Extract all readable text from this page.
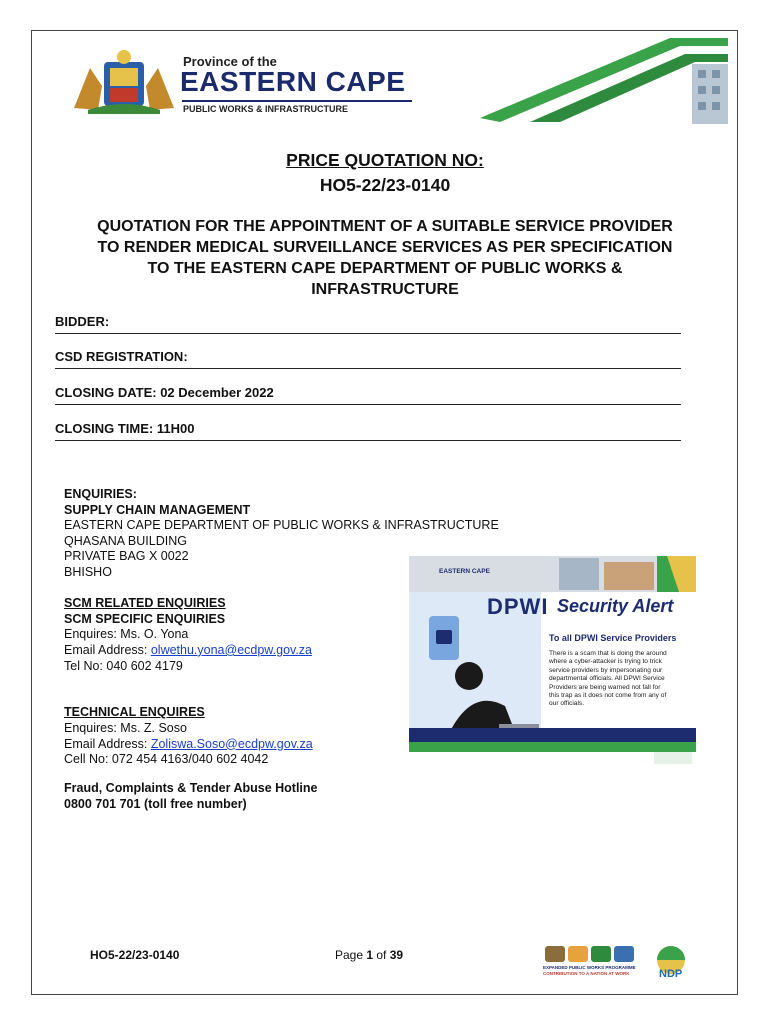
Province of the
EASTERN CAPE
PUBLIC WORKS & INFRASTRUCTURE
PRICE QUOTATION NO:
HO5-22/23-0140
QUOTATION FOR THE APPOINTMENT OF A SUITABLE SERVICE PROVIDER TO RENDER MEDICAL SURVEILLANCE SERVICES AS PER SPECIFICATION TO THE EASTERN CAPE DEPARTMENT OF PUBLIC WORKS & INFRASTRUCTURE
BIDDER:
CSD REGISTRATION:
CLOSING DATE: 02 December 2022
CLOSING TIME: 11H00
ENQUIRIES:
SUPPLY CHAIN MANAGEMENT
EASTERN CAPE DEPARTMENT OF PUBLIC WORKS & INFRASTRUCTURE
QHASANA BUILDING
PRIVATE BAG X 0022
BHISHO
SCM RELATED ENQUIRIES
SCM SPECIFIC ENQUIRIES
Enquires: Ms. O. Yona
Email Address: olwethu.yona@ecdpw.gov.za
Tel No: 040 602 4179
TECHNICAL ENQUIRES
Enquires: Ms. Z. Soso
Email Address: Zoliswa.Soso@ecdpw.gov.za
Cell No: 072 454 4163/040 602 4042
Fraud, Complaints & Tender Abuse Hotline
0800 701 701 (toll free number)
EASTERN CAPE
DPWI Security Alert
To all DPWI Service Providers
There is a scam that is doing the around
where a cyber-attacker is trying to trick
service providers by impersonating our
departmental officials. All DPWI Service
Providers are being warned not fall for
this trap as it does not come from any of
our officials.
HO5-22/23-0140	Page 1 of 39
EXPANDED PUBLIC WORKS PROGRAMME
CONTRIBUTION TO A NATION AT WORK	NDP
